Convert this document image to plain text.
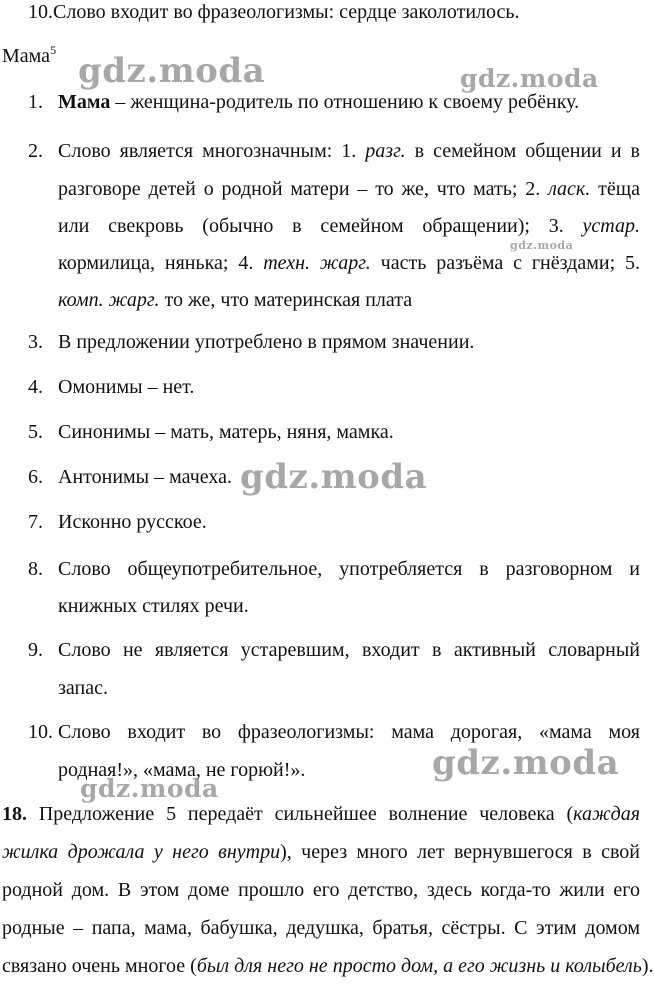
10.Слово входит во фразеологизмы: сердце заколотилось.
Мама$^5$
1. Мама – женщина-родитель по отношению к своему ребёнку.
2. Слово является многозначным: 1. разг. в семейном общении и в
разговоре детей о родной матери – то же, что мать; 2. ласк. тёща
или свекровь (обычно в семейном обращении); 3. устар.
кормилица, нянька; 4. техн. жарг. часть разъёма с гнёздами; 5.
комп. жарг. то же, что материнская плата
3. В предложении употреблено в прямом значении.
4. Омонимы – нет.
5. Синонимы – мать, матерь, няня, мамка.
6. Антонимы – мачеха.
7. Исконно русское.
8. Слово общеупотребительное, употребляется в разговорном и
книжных стилях речи.
9. Слово не является устаревшим, входит в активный словарный
запас.
10. Слово входит во фразеологизмы: мама дорогая, «мама моя
родная!», «мама, не горюй!».
18. Предложение 5 передаёт сильнейшее волнение человека (каждая
жилка дрожала у него внутри), через много лет вернувшегося в свой
родной дом. В этом доме прошло его детство, здесь когда-то жили его
родные – папа, мама, бабушка, дедушка, братья, сёстры. С этим домом
связано очень многое (был для него не просто дом, а его жизнь и колыбель).
gdz.moda	gdz.moda
gdz.moda
gdz.moda
gdz.moda
gdz.moda
